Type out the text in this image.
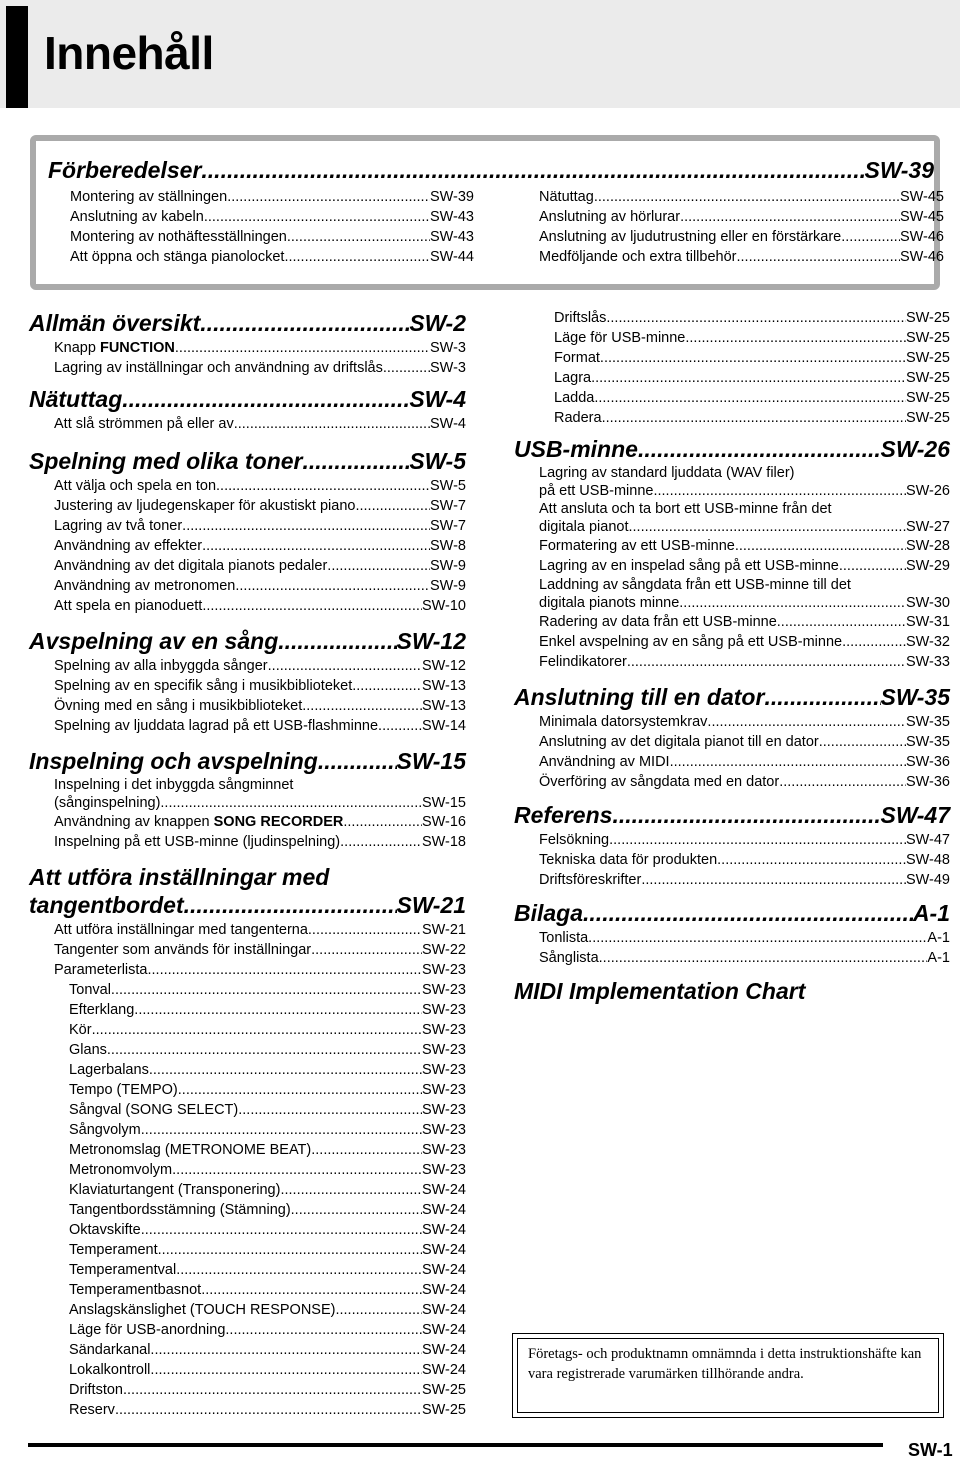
Innehåll
Förberedelser .....	SW-39
Montering av ställningen .....	SW-39
Anslutning av kabeln .....	SW-43
Montering av nothäftesställningen .....	SW-43
Att öppna och stänga pianolocket .....	SW-44
Nätuttag .....	SW-45
Anslutning av hörlurar .....	SW-45
Anslutning av ljudutrustning eller en förstärkare .....	SW-46
Medföljande och extra tillbehör .....	SW-46
Allmän översikt .....	SW-2
Knapp FUNCTION .....	SW-3
Lagring av inställningar och användning av driftslås .....	SW-3
Nätuttag .....	SW-4
Att slå strömmen på eller av .....	SW-4
Spelning med olika toner .....	SW-5
Att välja och spela en ton .....	SW-5
Justering av ljudegenskaper för akustiskt piano .....	SW-7
Lagring av två toner .....	SW-7
Användning av effekter .....	SW-8
Användning av det digitala pianots pedaler .....	SW-9
Användning av metronomen .....	SW-9
Att spela en pianoduett .....	SW-10
Avspelning av en sång .....	SW-12
Spelning av alla inbyggda sånger .....	SW-12
Spelning av en specifik sång i musikbiblioteket .....	SW-13
Övning med en sång i musikbiblioteket .....	SW-13
Spelning av ljuddata lagrad på ett USB-flashminne .....	SW-14
Inspelning och avspelning .....	SW-15
Inspelning i det inbyggda sångminnet
(sånginspelning) .....	SW-15
Användning av knappen SONG RECORDER .....	SW-16
Inspelning på ett USB-minne (ljudinspelning) .....	SW-18
Att utföra inställningar med
tangentbordet .....	SW-21
Att utföra inställningar med tangenterna .....	SW-21
Tangenter som används för inställningar .....	SW-22
Parameterlista .....	SW-23
Tonval .....	SW-23
Efterklang .....	SW-23
Kör .....	SW-23
Glans .....	SW-23
Lagerbalans .....	SW-23
Tempo (TEMPO) .....	SW-23
Sångval (SONG SELECT) .....	SW-23
Sångvolym .....	SW-23
Metronomslag (METRONOME BEAT) .....	SW-23
Metronomvolym .....	SW-23
Klaviaturtangent (Transponering) .....	SW-24
Tangentbordsstämning (Stämning) .....	SW-24
Oktavskifte .....	SW-24
Temperament .....	SW-24
Temperamentval .....	SW-24
Temperamentbasnot .....	SW-24
Anslagskänslighet (TOUCH RESPONSE) .....	SW-24
Läge för USB-anordning .....	SW-24
Sändarkanal .....	SW-24
Lokalkontroll .....	SW-24
Driftston .....	SW-25
Reserv .....	SW-25
Driftslås .....	SW-25
Läge för USB-minne .....	SW-25
Format .....	SW-25
Lagra .....	SW-25
Ladda .....	SW-25
Radera .....	SW-25
USB-minne .....	SW-26
Lagring av standard ljuddata (WAV filer)
på ett USB-minne .....	SW-26
Att ansluta och ta bort ett USB-minne från det
digitala pianot .....	SW-27
Formatering av ett USB-minne .....	SW-28
Lagring av en inspelad sång på ett USB-minne .....	SW-29
Laddning av sångdata från ett USB-minne till det
digitala pianots minne .....	SW-30
Radering av data från ett USB-minne .....	SW-31
Enkel avspelning av en sång på ett USB-minne .....	SW-32
Felindikatorer .....	SW-33
Anslutning till en dator .....	SW-35
Minimala datorsystemkrav .....	SW-35
Anslutning av det digitala pianot till en dator .....	SW-35
Användning av MIDI .....	SW-36
Överföring av sångdata med en dator .....	SW-36
Referens .....	SW-47
Felsökning .....	SW-47
Tekniska data för produkten .....	SW-48
Driftsföreskrifter .....	SW-49
Bilaga .....	A-1
Tonlista .....	A-1
Sånglista .....	A-1
MIDI Implementation Chart
Företags- och produktnamn omnämnda i detta instruktionshäfte kan vara registrerade varumärken tillhörande andra.
SW-1
